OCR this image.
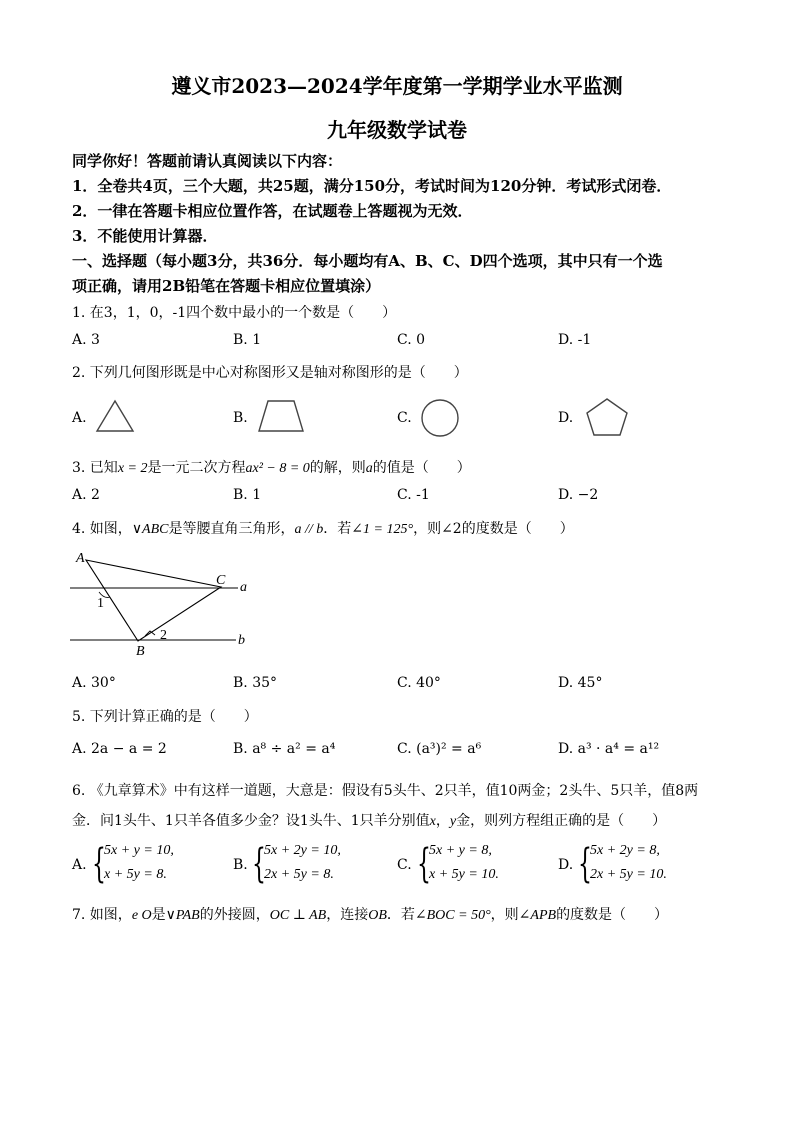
遵义市2023—2024学年度第一学期学业水平监测
九年级数学试卷
同学你好！答题前请认真阅读以下内容：
1．全卷共4页，三个大题，共25题，满分150分，考试时间为120分钟．考试形式闭卷．
2．一律在答题卡相应位置作答，在试题卷上答题视为无效．
3．不能使用计算器．
一、选择题（每小题3分，共36分．每小题均有A、B、C、D四个选项，其中只有一个选
项正确，请用2B铅笔在答题卡相应位置填涂）
1. 在3，1，0，-1四个数中最小的一个数是（　　）
A. 3	B. 1	C. 0	D. -1
2. 下列几何图形既是中心对称图形又是轴对称图形的是（　　）
A.	B.	C.	D.
3. 已知x = 2是一元二次方程ax² − 8 = 0的解，则a的值是（　　）
A. 2	B. 1	C. -1	D. −2
4. 如图，∨ABC是等腰直角三角形，a // b．若∠1 = 125°，则∠2的度数是（　　）
A
C
B
a
b
1
2
A. 30°	B. 35°	C. 40°	D. 45°
5. 下列计算正确的是（　　）
A. 2a − a = 2	B. a⁸ ÷ a² = a⁴	C. (a³)² = a⁶	D. a³ · a⁴ = a¹²
6. 《九章算术》中有这样一道题，大意是：假设有5头牛、2只羊，值10两金；2头牛、5只羊，值8两
金．问1头牛、1只羊各值多少金？设1头牛、1只羊分别值x，y金，则列方程组正确的是（　　）
A. {
5x + y = 10,
x + 5y = 8.
B. {
5x + 2y = 10,
2x + 5y = 8.
C. {
5x + y = 8,
x + 5y = 10.
D. {
5x + 2y = 8,
2x + 5y = 10.
7. 如图，e O是∨PAB的外接圆，OC ⊥ AB，连接OB．若∠BOC = 50°，则∠APB的度数是（　　）
